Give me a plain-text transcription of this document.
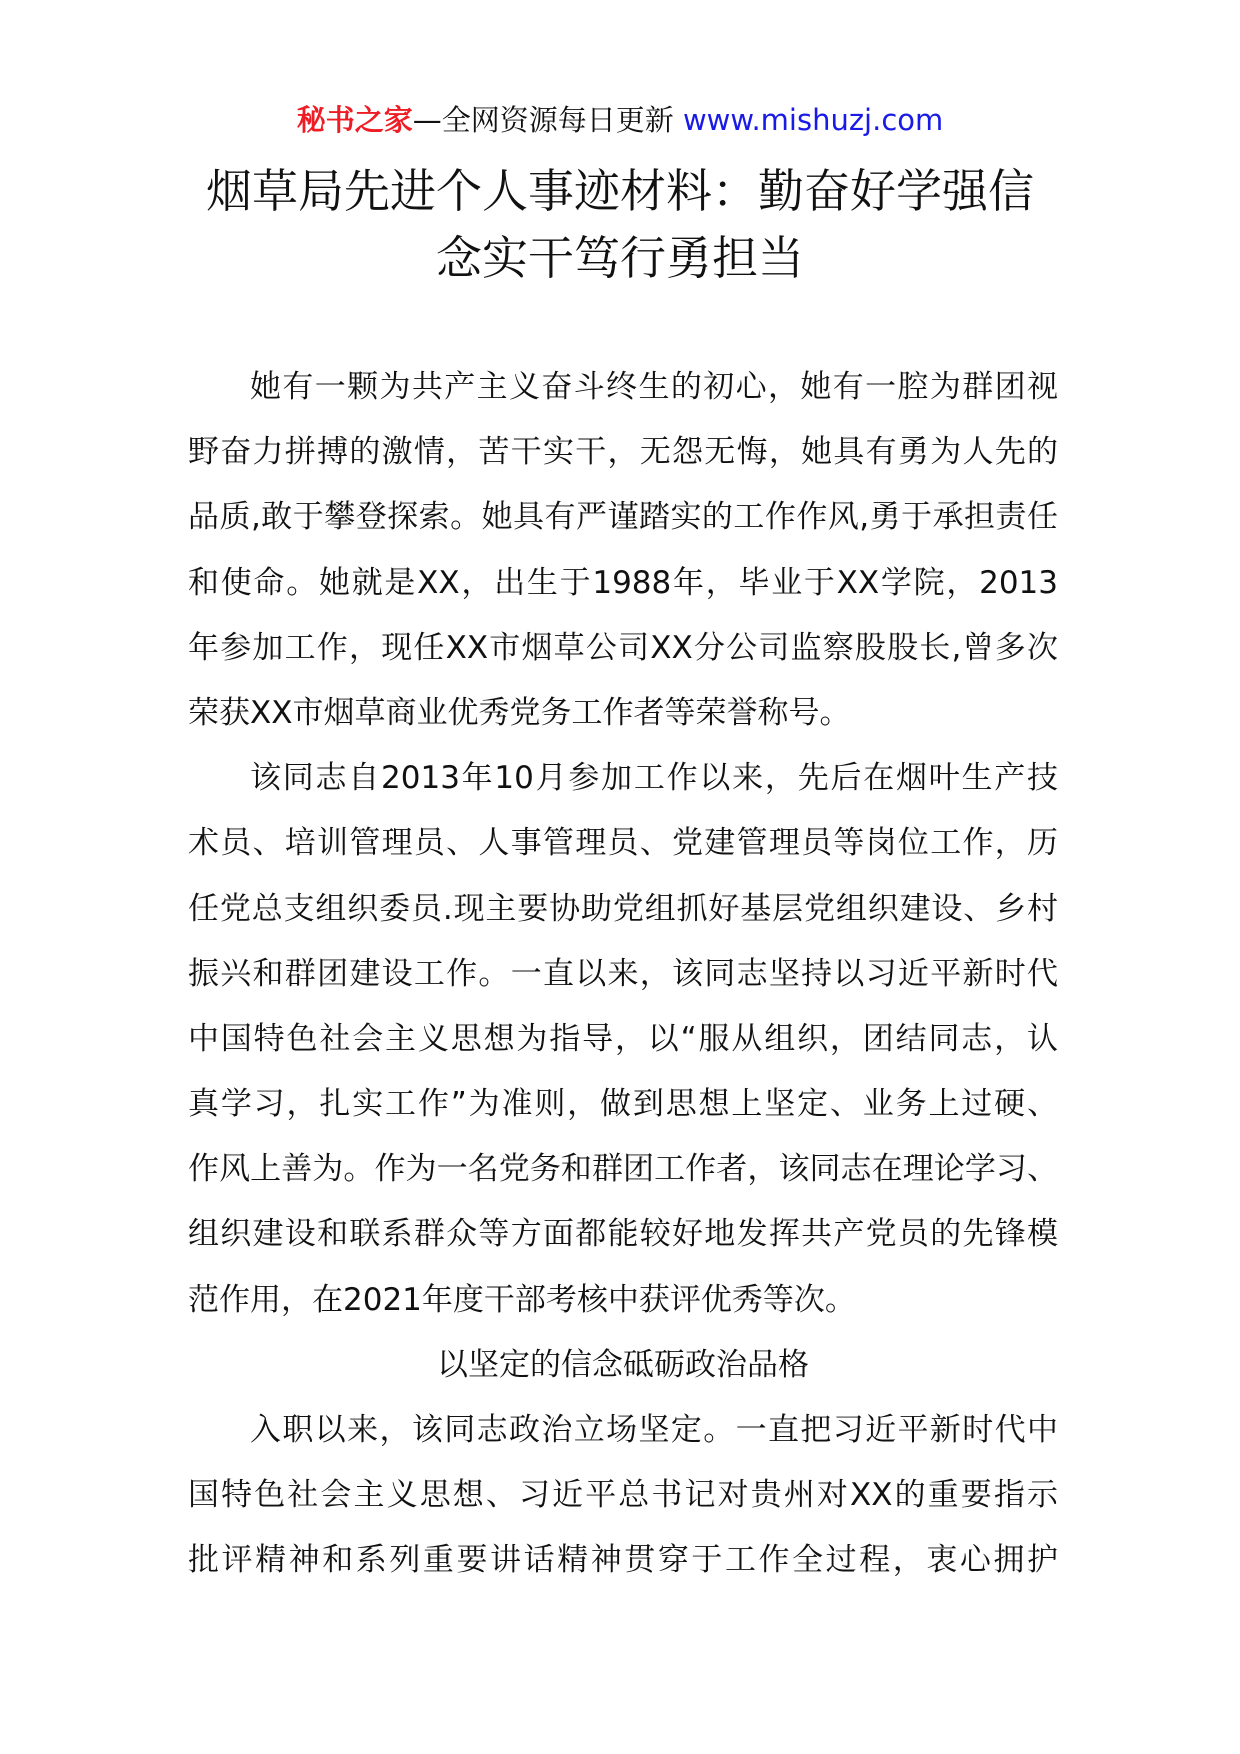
秘书之家—全网资源每日更新 www.mishuzj.com
烟草局先进个人事迹材料：勤奋好学强信
念实干笃行勇担当
她有一颗为共产主义奋斗终生的初心，她有一腔为群团视
野奋力拼搏的激情，苦干实干，无怨无悔，她具有勇为人先的
品质,敢于攀登探索。她具有严谨踏实的工作作风,勇于承担责任
和使命。她就是XX，出生于1988年，毕业于XX学院，2013
年参加工作，现任XX市烟草公司XX分公司监察股股长,曾多次
荣获XX市烟草商业优秀党务工作者等荣誉称号。
该同志自2013年10月参加工作以来，先后在烟叶生产技
术员、培训管理员、人事管理员、党建管理员等岗位工作，历
任党总支组织委员.现主要协助党组抓好基层党组织建设、乡村
振兴和群团建设工作。一直以来，该同志坚持以习近平新时代
中国特色社会主义思想为指导，以“服从组织，团结同志，认
真学习，扎实工作”为准则，做到思想上坚定、业务上过硬、
作风上善为。作为一名党务和群团工作者，该同志在理论学习、
组织建设和联系群众等方面都能较好地发挥共产党员的先锋模
范作用，在2021年度干部考核中获评优秀等次。
以坚定的信念砥砺政治品格
入职以来，该同志政治立场坚定。一直把习近平新时代中
国特色社会主义思想、习近平总书记对贵州对XX的重要指示
批评精神和系列重要讲话精神贯穿于工作全过程，衷心拥护
